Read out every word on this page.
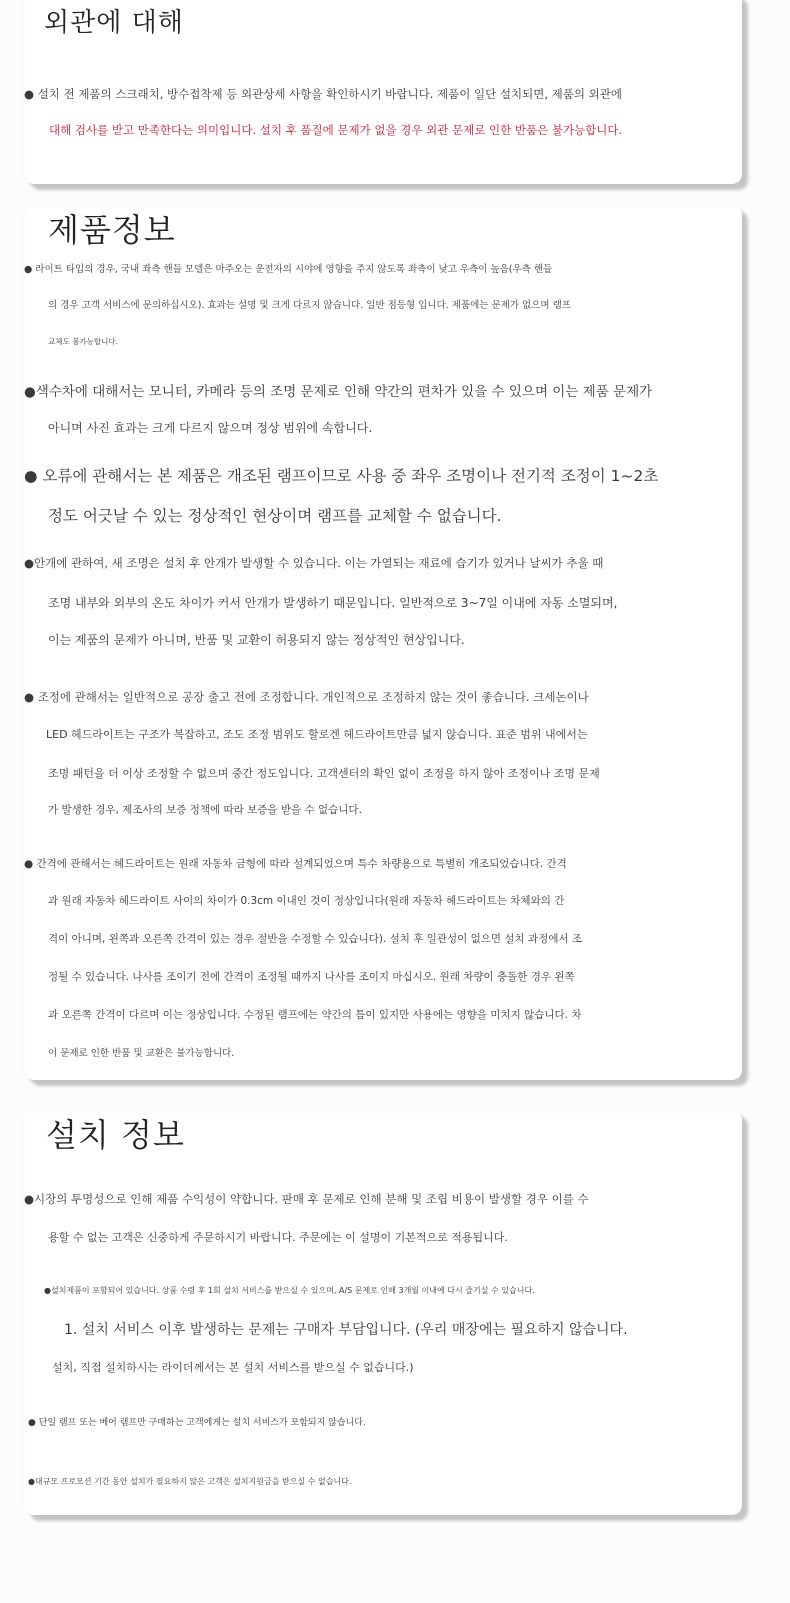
외관에 대해
● 설치 전 제품의 스크래치, 방수접착제 등 외관상세 사항을 확인하시기 바랍니다. 제품이 일단 설치되면, 제품의 외관에
대해 검사를 받고 만족한다는 의미입니다. 설치 후 품질에 문제가 없을 경우 외관 문제로 인한 반품은 불가능합니다.
제품정보
● 라이트 타입의 경우, 국내 좌측 핸들 모델은 마주오는 운전자의 시야에 영향을 주지 않도록 좌측이 낮고 우측이 높음(우측 핸들
의 경우 고객 서비스에 문의하십시오). 효과는 설명 및 크게 다르지 않습니다. 일반 점등형 입니다. 제품에는 문제가 없으며 램프
교체도 불가능합니다.
●색수차에 대해서는 모니터, 카메라 등의 조명 문제로 인해 약간의 편차가 있을 수 있으며 이는 제품 문제가
아니며 사진 효과는 크게 다르지 않으며 정상 범위에 속합니다.
● 오류에 관해서는 본 제품은 개조된 램프이므로 사용 중 좌우 조명이나 전기적 조정이 1~2초
정도 어긋날 수 있는 정상적인 현상이며 램프를 교체할 수 없습니다.
●안개에 관하여, 새 조명은 설치 후 안개가 발생할 수 있습니다. 이는 가열되는 재료에 습기가 있거나 날씨가 추울 때
조명 내부와 외부의 온도 차이가 커서 안개가 발생하기 때문입니다. 일반적으로 3~7일 이내에 자동 소멸되며,
이는 제품의 문제가 아니며, 반품 및 교환이 허용되지 않는 정상적인 현상입니다.
● 조정에 관해서는 일반적으로 공장 출고 전에 조정합니다. 개인적으로 조정하지 않는 것이 좋습니다. 크세논이나
LED 헤드라이트는 구조가 복잡하고, 조도 조정 범위도 할로겐 헤드라이트만큼 넓지 않습니다. 표준 범위 내에서는
조명 패턴을 더 이상 조정할 수 없으며 중간 정도입니다. 고객센터의 확인 없이 조정을 하지 않아 조정이나 조명 문제
가 발생한 경우, 제조사의 보증 정책에 따라 보증을 받을 수 없습니다.
● 간격에 관해서는 헤드라이트는 원래 자동차 금형에 따라 설계되었으며 특수 차량용으로 특별히 개조되었습니다. 간격
과 원래 자동차 헤드라이트 사이의 차이가 0.3cm 이내인 것이 정상입니다(원래 자동차 헤드라이트는 차체와의 간
격이 아니며, 왼쪽과 오른쪽 간격이 있는 경우 절반을 수정할 수 있습니다). 설치 후 일관성이 없으면 설치 과정에서 조
정될 수 있습니다. 나사를 조이기 전에 간격이 조정될 때까지 나사를 조이지 마십시오. 원래 차량이 충돌한 경우 왼쪽
과 오른쪽 간격이 다르며 이는 정상입니다. 수정된 램프에는 약간의 틈이 있지만 사용에는 영향을 미치지 않습니다. 차
이 문제로 인한 반품 및 교환은 불가능합니다.
설치 정보
●시장의 투명성으로 인해 제품 수익성이 약합니다. 판매 후 문제로 인해 분해 및 조립 비용이 발생할 경우 이를 수
용할 수 없는 고객은 신중하게 주문하시기 바랍니다. 주문에는 이 설명이 기본적으로 적용됩니다.
●설치제품이 포함되어 있습니다. 상품 수령 후 1회 설치 서비스를 받으실 수 있으며, A/S 문제로 인해 3개월 이내에 다시 즐기실 수 있습니다.
1. 설치 서비스 이후 발생하는 문제는 구매자 부담입니다. (우리 매장에는 필요하지 않습니다.
설치, 직접 설치하시는 라이더께서는 본 설치 서비스를 받으실 수 없습니다.)
● 단일 램프 또는 베어 램프만 구매하는 고객에게는 설치 서비스가 포함되지 않습니다.
●대규모 프로모션 기간 동안 설치가 필요하지 않은 고객은 설치지원금을 받으실 수 없습니다.
